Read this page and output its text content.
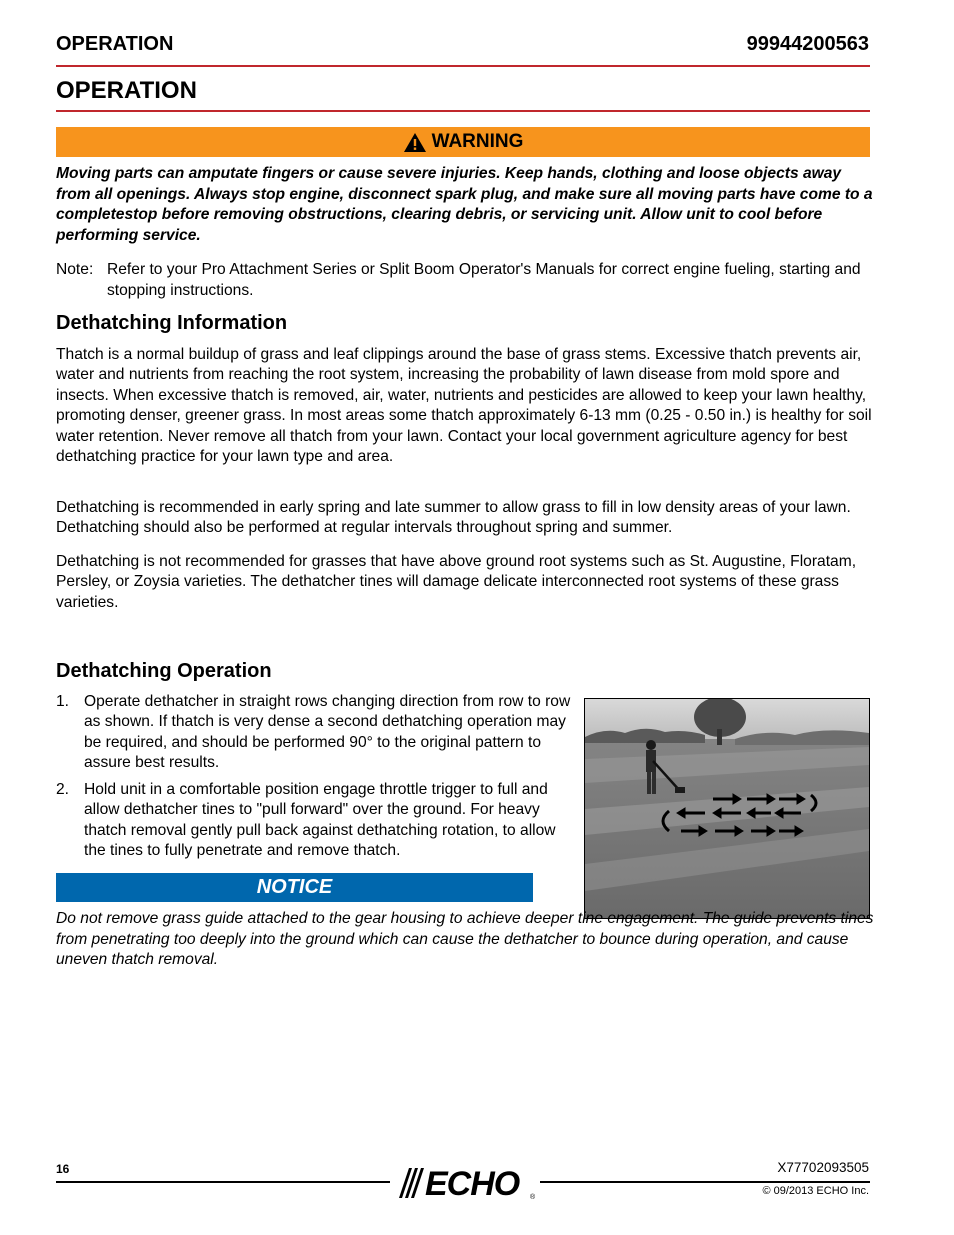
OPERATION	99944200563
OPERATION
WARNING

Moving parts can amputate fingers or cause severe injuries. Keep hands, clothing and loose objects away from all openings. Always stop engine, disconnect spark plug, and make sure all moving parts have come to a completestop before removing obstructions, clearing debris, or servicing unit. Allow unit to cool before performing service.

Note: Refer to your Pro Attachment Series or Split Boom Operator's Manuals for correct engine fueling, starting and stopping instructions.

Dethatching Information

Thatch is a normal buildup of grass and leaf clippings around the base of grass stems. Excessive thatch prevents air, water and nutrients from reaching the root system, increasing the probability of lawn disease from mold spore and insects. When excessive thatch is removed, air, water, nutrients and pesticides are allowed to keep your lawn healthy, promoting denser, greener grass. In most areas some thatch approximately 6-13 mm (0.25 - 0.50 in.) is healthy for soil water retention. Never remove all thatch from your lawn. Contact your local government agriculture agency for best dethatching practice for your lawn type and area.

Dethatching is recommended in early spring and late summer to allow grass to fill in low density areas of your lawn. Dethatching should also be performed at regular intervals throughout spring and summer.

Dethatching is not recommended for grasses that have above ground root systems such as St. Augustine, Floratam, Persley, or Zoysia varieties. The dethatcher tines will damage delicate interconnected root systems of these grass varieties.

Dethatching Operation
1. Operate dethatcher in straight rows changing direction from row to row as shown. If thatch is very dense a second dethatching operation may be required, and should be performed 90° to the original pattern to assure best results.

2. Hold unit in a comfortable position engage throttle trigger to full and allow dethatcher tines to "pull forward" over the ground. For heavy thatch removal gently pull back against dethatching rotation, to allow the tines to fully penetrate and remove thatch.

NOTICE

Do not remove grass guide attached to the gear housing to achieve deeper tine engagement. The guide prevents tines from penetrating too deeply into the ground which can cause the dethatcher to bounce during operation, and cause uneven thatch removal.

16	ECHO ®
X77702093505
© 09/2013 ECHO Inc.
